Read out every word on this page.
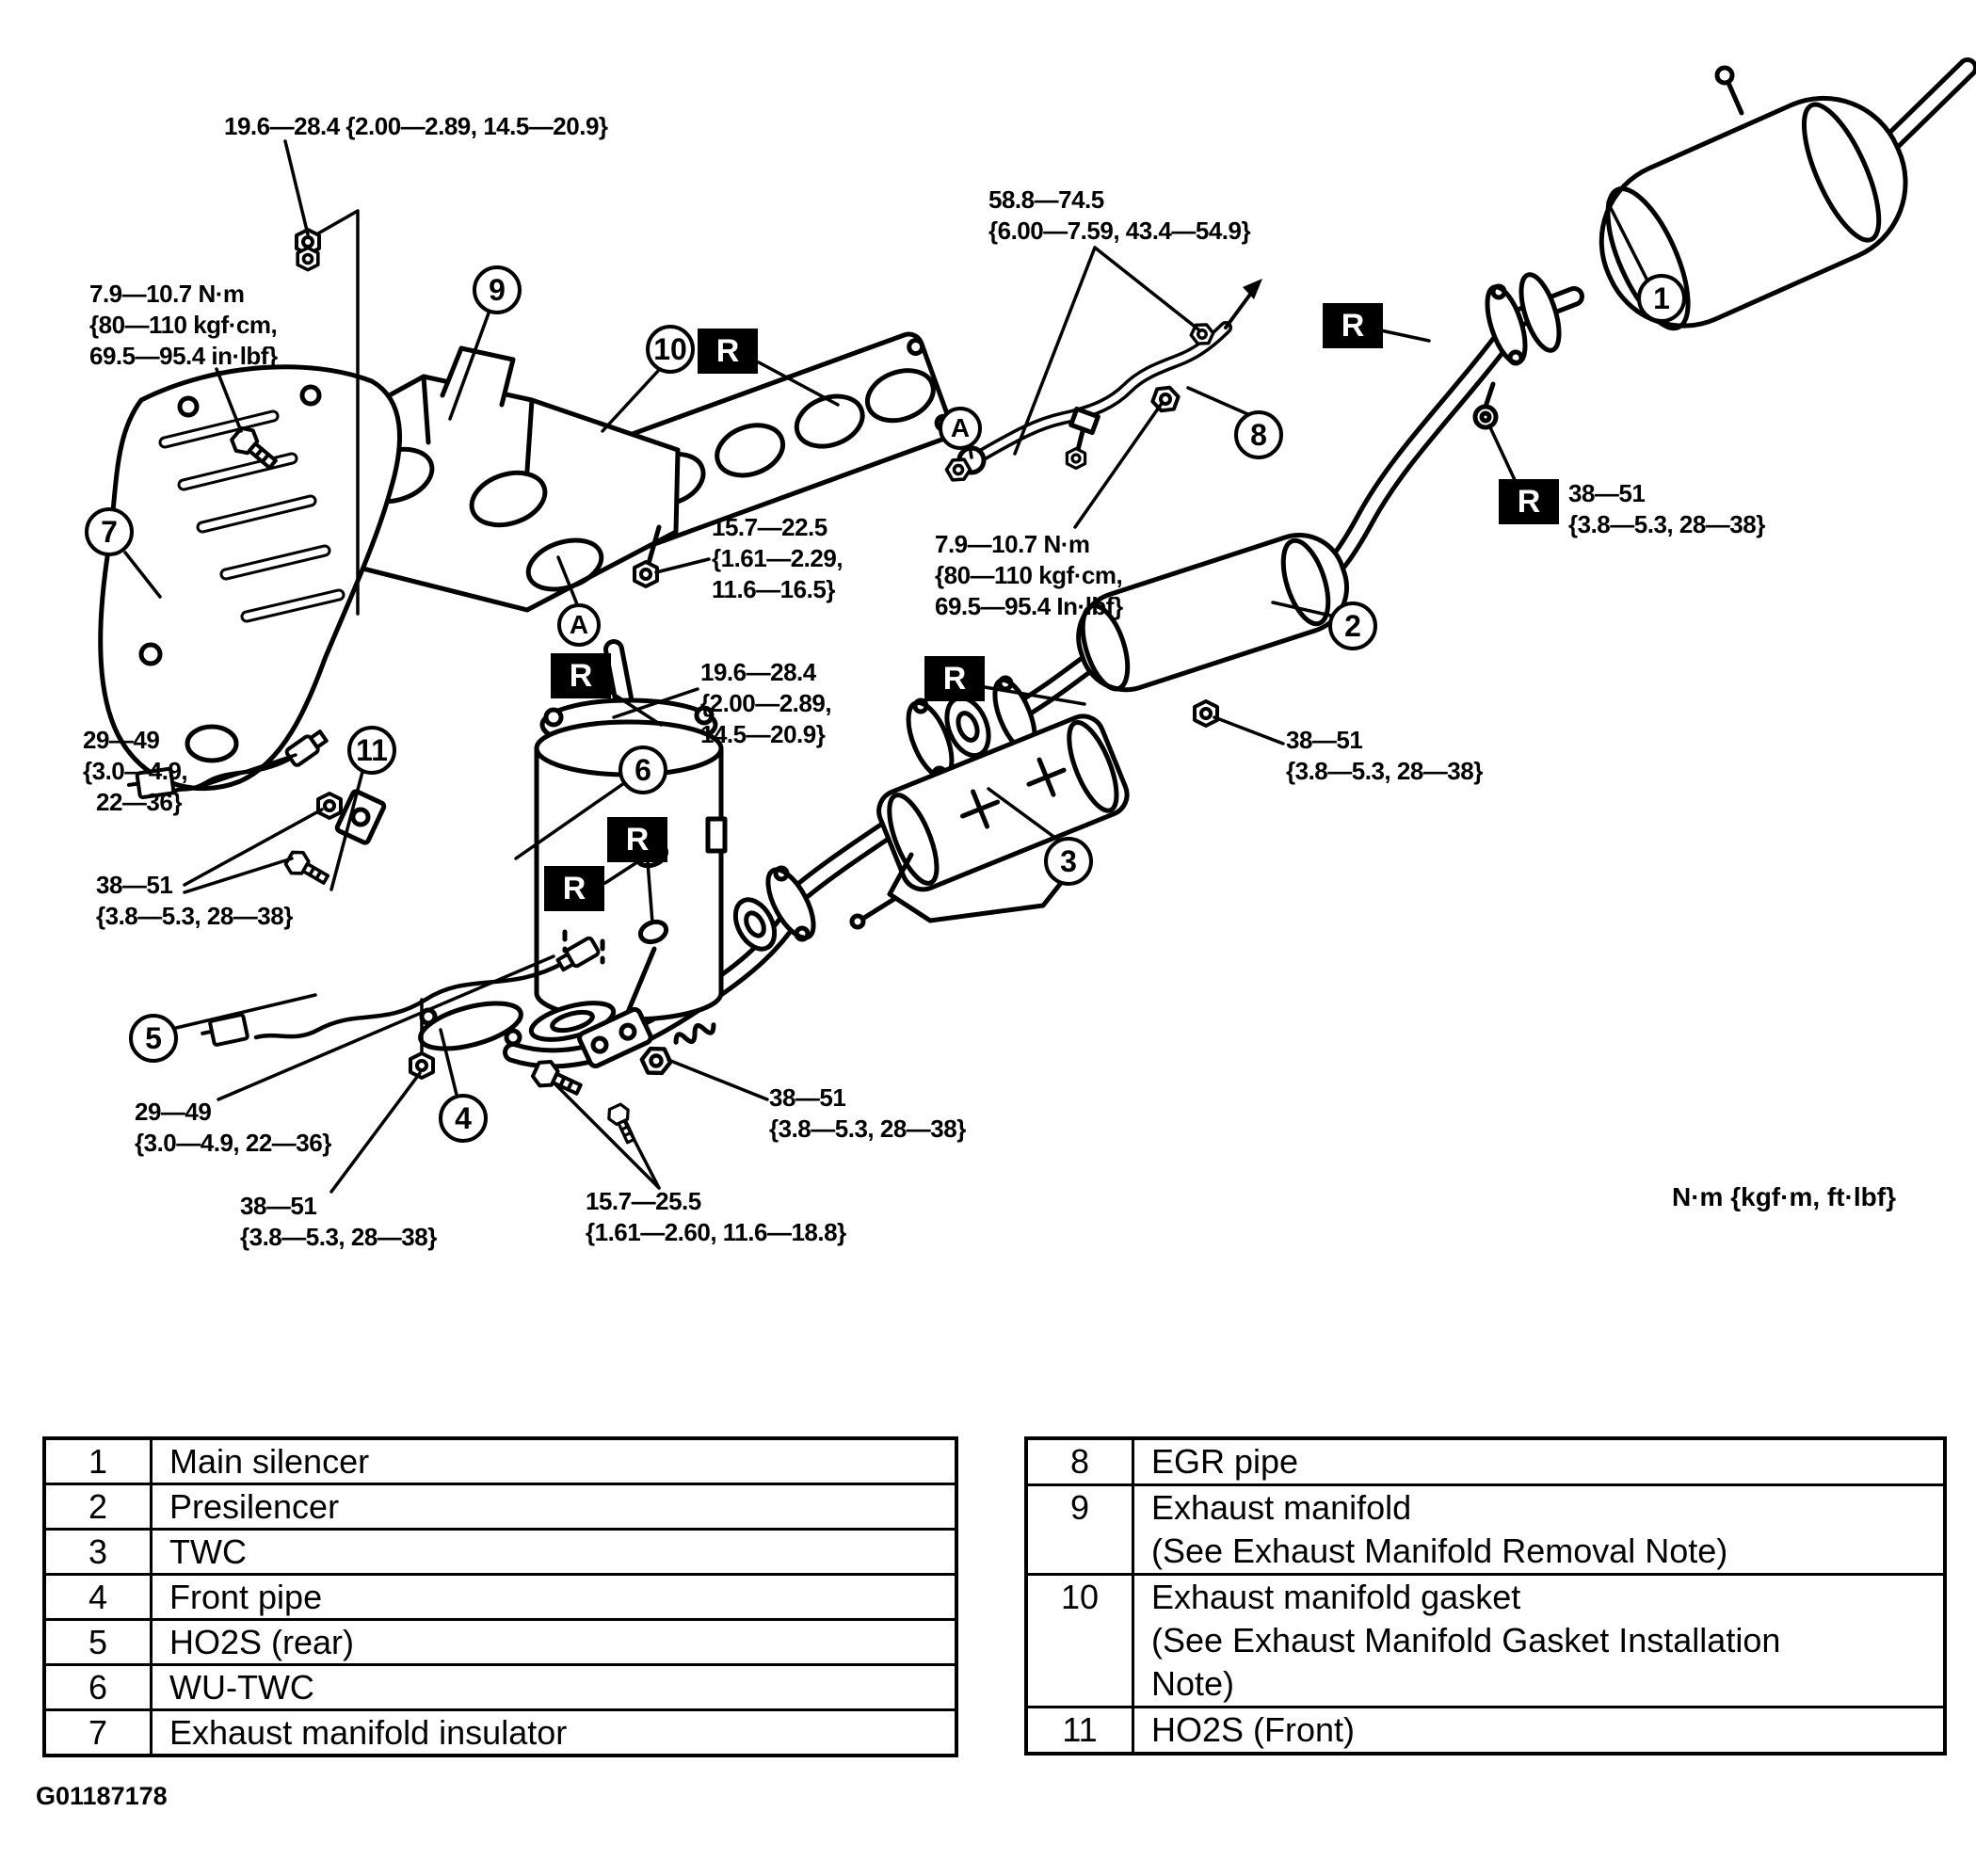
19.6—28.4 {2.00—2.89, 14.5—20.9}
7.9—10.7 N·m
{80—110 kgf·cm,
69.5—95.4 in·lbf}
58.8—74.5
{6.00—7.59, 43.4—54.9}
15.7—22.5
{1.61—2.29,
11.6—16.5}
7.9—10.7 N·m
{80—110 kgf·cm,
69.5—95.4 In·lbf}
19.6—28.4
{2.00—2.89,
14.5—20.9}
38—51
{3.8—5.3, 28—38}
38—51
{3.8—5.3, 28—38}
29—49
{3.0—4.9,
22—36}
38—51
{3.8—5.3, 28—38}
29—49
{3.0—4.9, 22—36}
38—51
{3.8—5.3, 28—38}
15.7—25.5
{1.61—2.60, 11.6—18.8}
38—51
{3.8—5.3, 28—38}
1
2
3
4
5
6
7
8
9
10
11
A
A
R
R
R
R	R
R
R
N·m {kgf·m, ft·lbf}
1	Main silencer
2	Presilencer
3	TWC
4	Front pipe
5	HO2S (rear)
6	WU-TWC
7	Exhaust manifold insulator
8	EGR pipe
9	Exhaust manifold
(See Exhaust Manifold Removal Note)
10	Exhaust manifold gasket
(See Exhaust Manifold Gasket Installation
Note)
11	HO2S (Front)
G01187178
